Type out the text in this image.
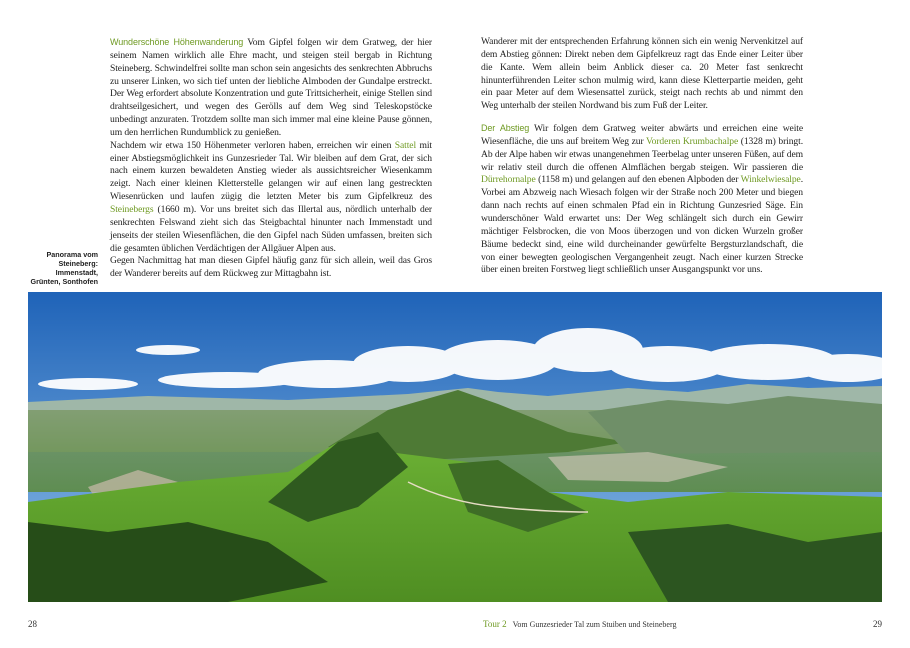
Wunderschöne Höhenwanderung Vom Gipfel folgen wir dem Gratweg, der hier seinem Namen wirklich alle Ehre macht, und steigen steil bergab in Richtung Steineberg. Schwindelfrei sollte man schon sein angesichts des senkrechten Abbruchs zu unserer Linken, wo sich tief unten der liebliche Almboden der Gundalpe erstreckt. Der Weg erfordert absolute Konzentration und gute Trittsicherheit, einige Stellen sind drahtseilgesichert, und wegen des Gerölls auf dem Weg sind Teleskopstöcke unbedingt anzuraten. Trotzdem sollte man sich immer mal eine kleine Pause gönnen, um den herrlichen Rundumblick zu genießen.

Nachdem wir etwa 150 Höhenmeter verloren haben, erreichen wir einen Sattel mit einer Abstiegsmöglichkeit ins Gunzesrieder Tal. Wir bleiben auf dem Grat, der sich nach einem kurzen bewaldeten Anstieg wieder als aussichtsreicher Wiesenkamm zeigt. Nach einer kleinen Kletterstelle gelangen wir auf einen lang gestreckten Wiesenrücken und laufen zügig die letzten Meter bis zum Gipfelkreuz des Steinebergs (1660 m). Vor uns breitet sich das Illertal aus, nördlich unterhalb der senkrechten Felswand zieht sich das Steigbachtal hinunter nach Immenstadt und jenseits der steilen Wiesenflächen, die den Gipfel nach Süden umfassen, breiten sich die gesamten üblichen Verdächtigen der Allgäuer Alpen aus.

Gegen Nachmittag hat man diesen Gipfel häufig ganz für sich allein, weil das Gros der Wanderer bereits auf dem Rückweg zur Mittagbahn ist.

Panorama vom Steineberg: Immenstadt, Grünten, Sonthofen

Wanderer mit der entsprechenden Erfahrung können sich ein wenig Nervenkitzel auf dem Abstieg gönnen: Direkt neben dem Gipfelkreuz ragt das Ende einer Leiter über die Kante. Wem allein beim Anblick dieser ca. 20 Meter fast senkrecht hinunterführenden Leiter schon mulmig wird, kann diese Kletterpartie meiden, geht ein paar Meter auf dem Wiesensattel zurück, steigt nach rechts ab und nimmt den Weg unterhalb der steilen Nordwand bis zum Fuß der Leiter.

Der Abstieg Wir folgen dem Gratweg weiter abwärts und erreichen eine weite Wiesenfläche, die uns auf breitem Weg zur Vorderen Krumbachalpe (1328 m) bringt. Ab der Alpe haben wir etwas unangenehmen Teerbelag unter unseren Füßen, auf dem wir relativ steil durch die offenen Almflächen bergab steigen. Wir passieren die Dürrehornalpe (1158 m) und gelangen auf den ebenen Alpboden der Winkelwiesalpe. Vorbei am Abzweig nach Wiesach folgen wir der Straße noch 200 Meter und biegen dann nach rechts auf einen schmalen Pfad ein in Richtung Gunzesried Säge. Ein wunderschöner Wald erwartet uns: Der Weg schlängelt sich durch ein Gewirr mächtiger Felsbrocken, die von Moos überzogen und von dicken Wurzeln großer Bäume bedeckt sind, eine wild durcheinander gewürfelte Bergsturzlandschaft, die von einer bewegten geologischen Vergangenheit zeugt. Nach einer kurzen Strecke über einen breiten Forstweg liegt schließlich unser Ausgangspunkt vor uns.

28	Tour 2 Vom Gunzesrieder Tal zum Stuiben und Steineberg	29
